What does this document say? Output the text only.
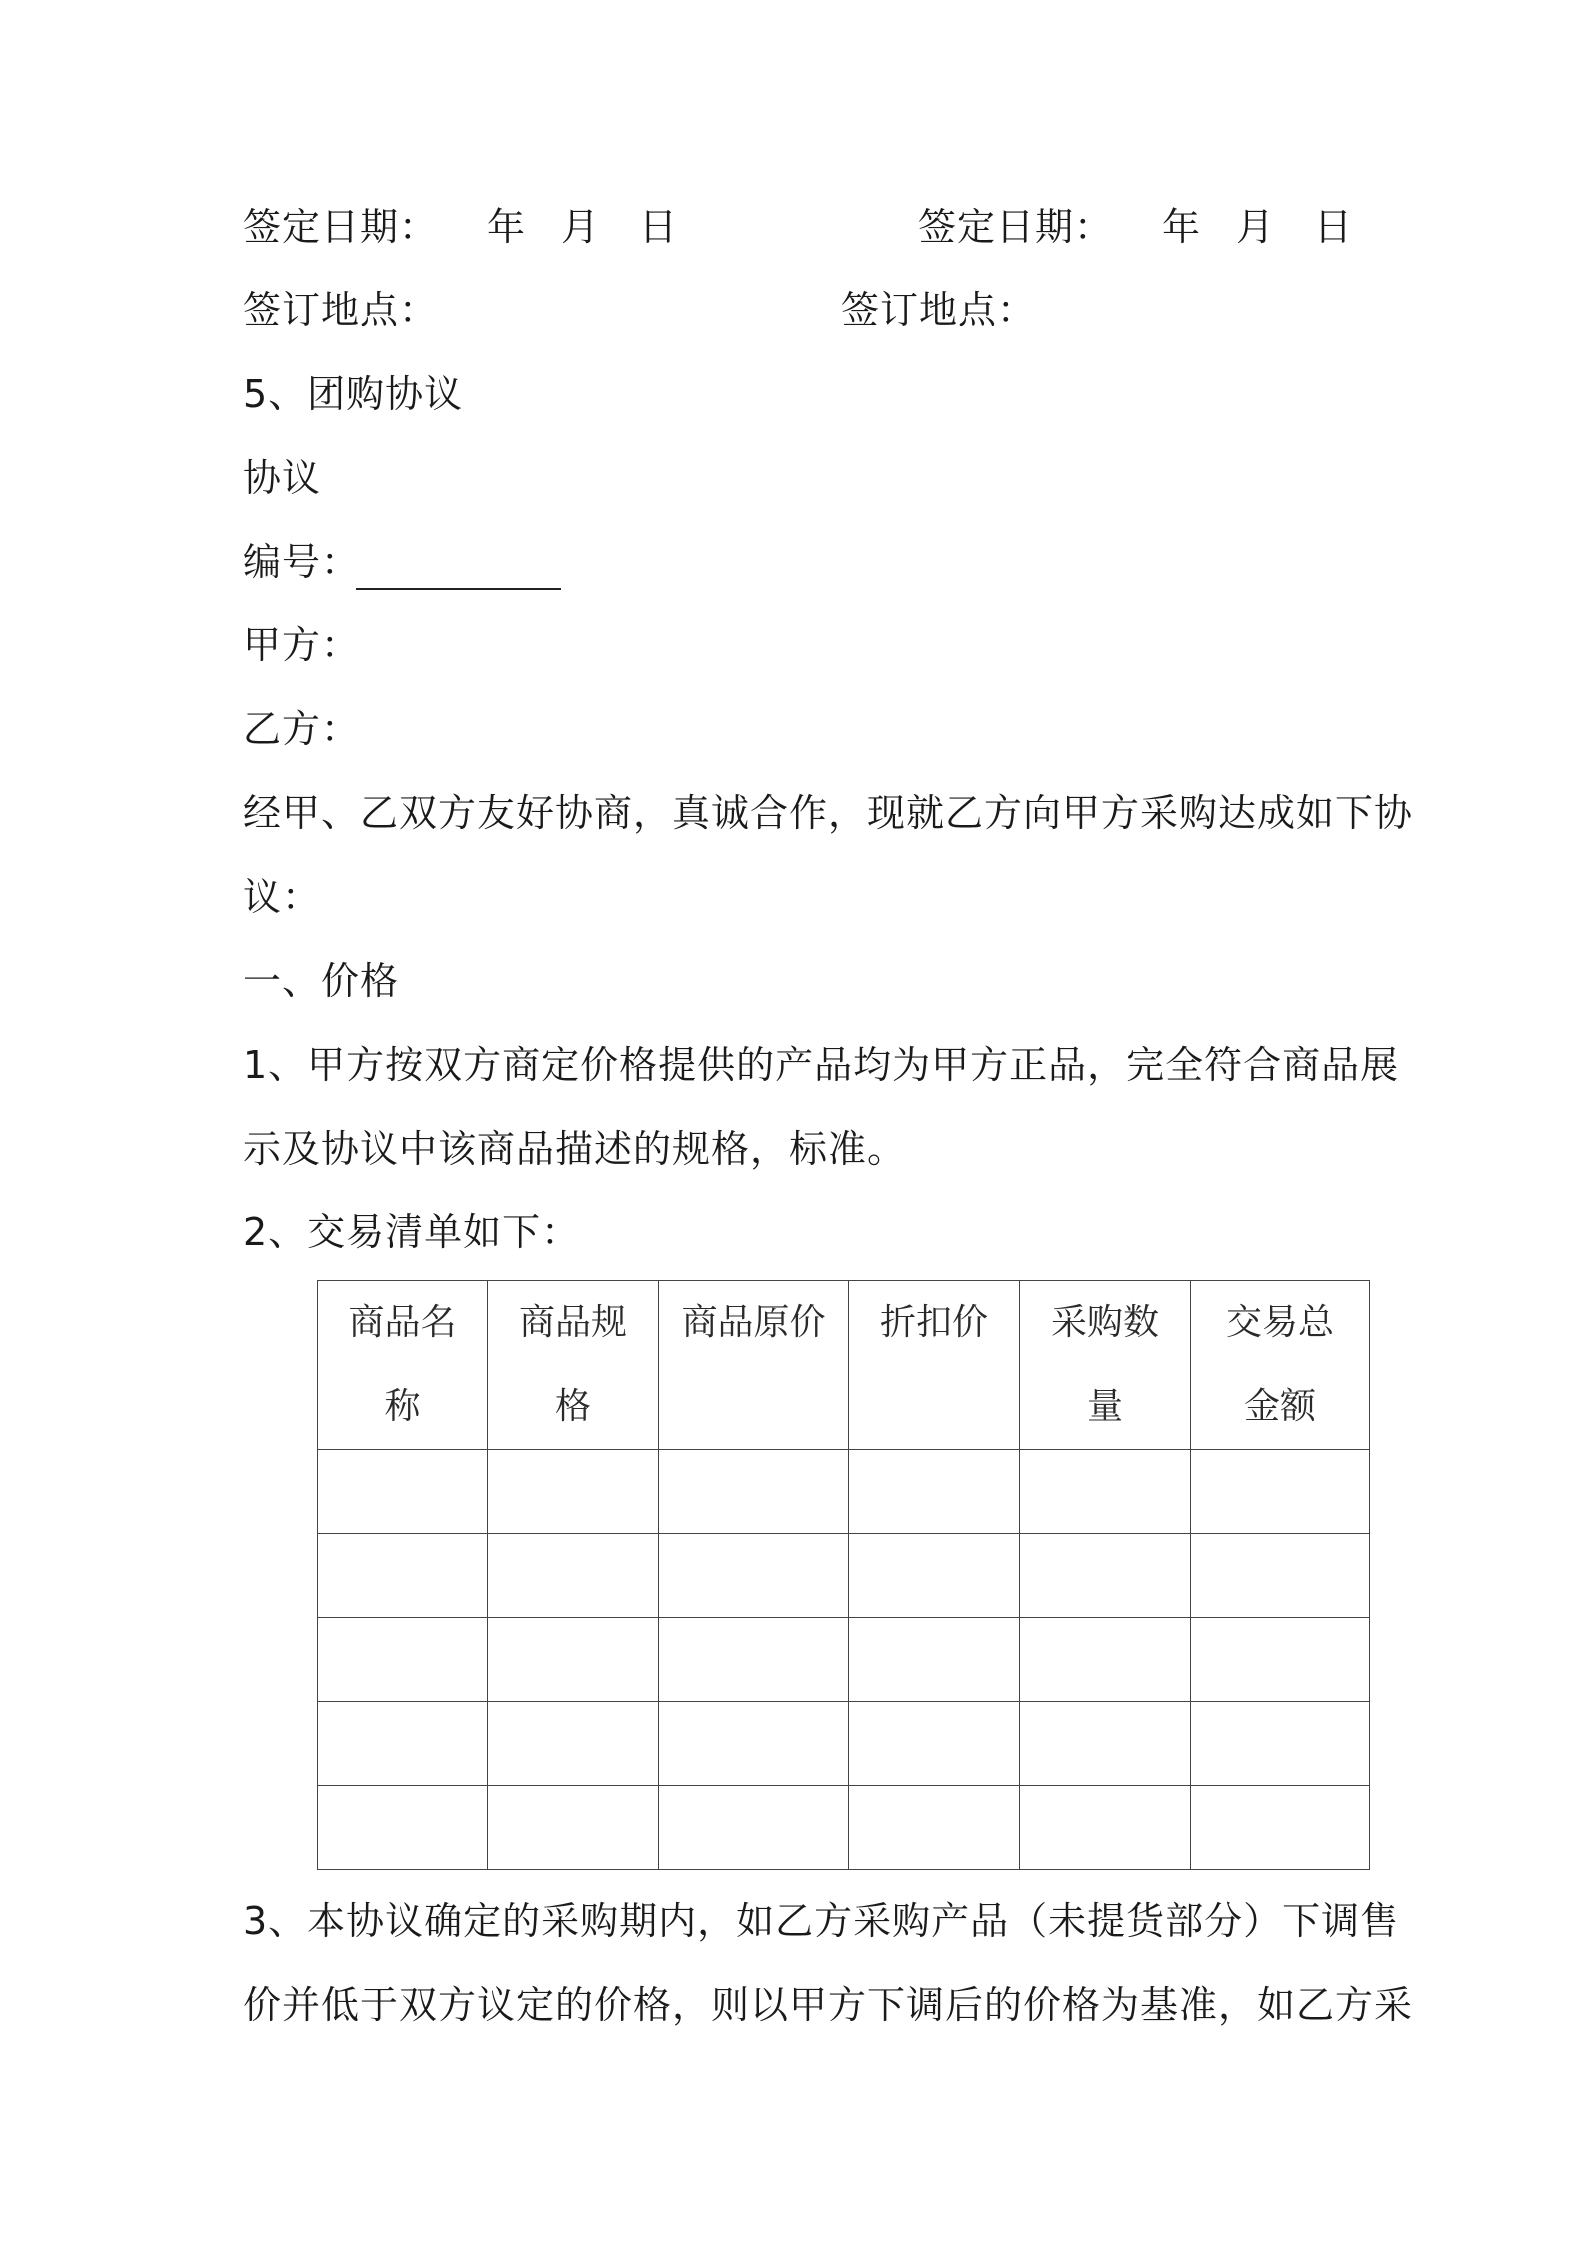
签定日期： 年 月 日	签定日期： 年 月 日
签订地点：	签订地点：
5、团购协议
协议
编号：
甲方：
乙方：
经甲、乙双方友好协商，真诚合作，现就乙方向甲方采购达成如下协
议：
一、价格
1、甲方按双方商定价格提供的产品均为甲方正品，完全符合商品展
示及协议中该商品描述的规格，标准。
2、交易清单如下：
商品名称	商品规格	商品原价	折扣价	采购数量	交易总金额

3、本协议确定的采购期内，如乙方采购产品（未提货部分）下调售
价并低于双方议定的价格，则以甲方下调后的价格为基准，如乙方采
